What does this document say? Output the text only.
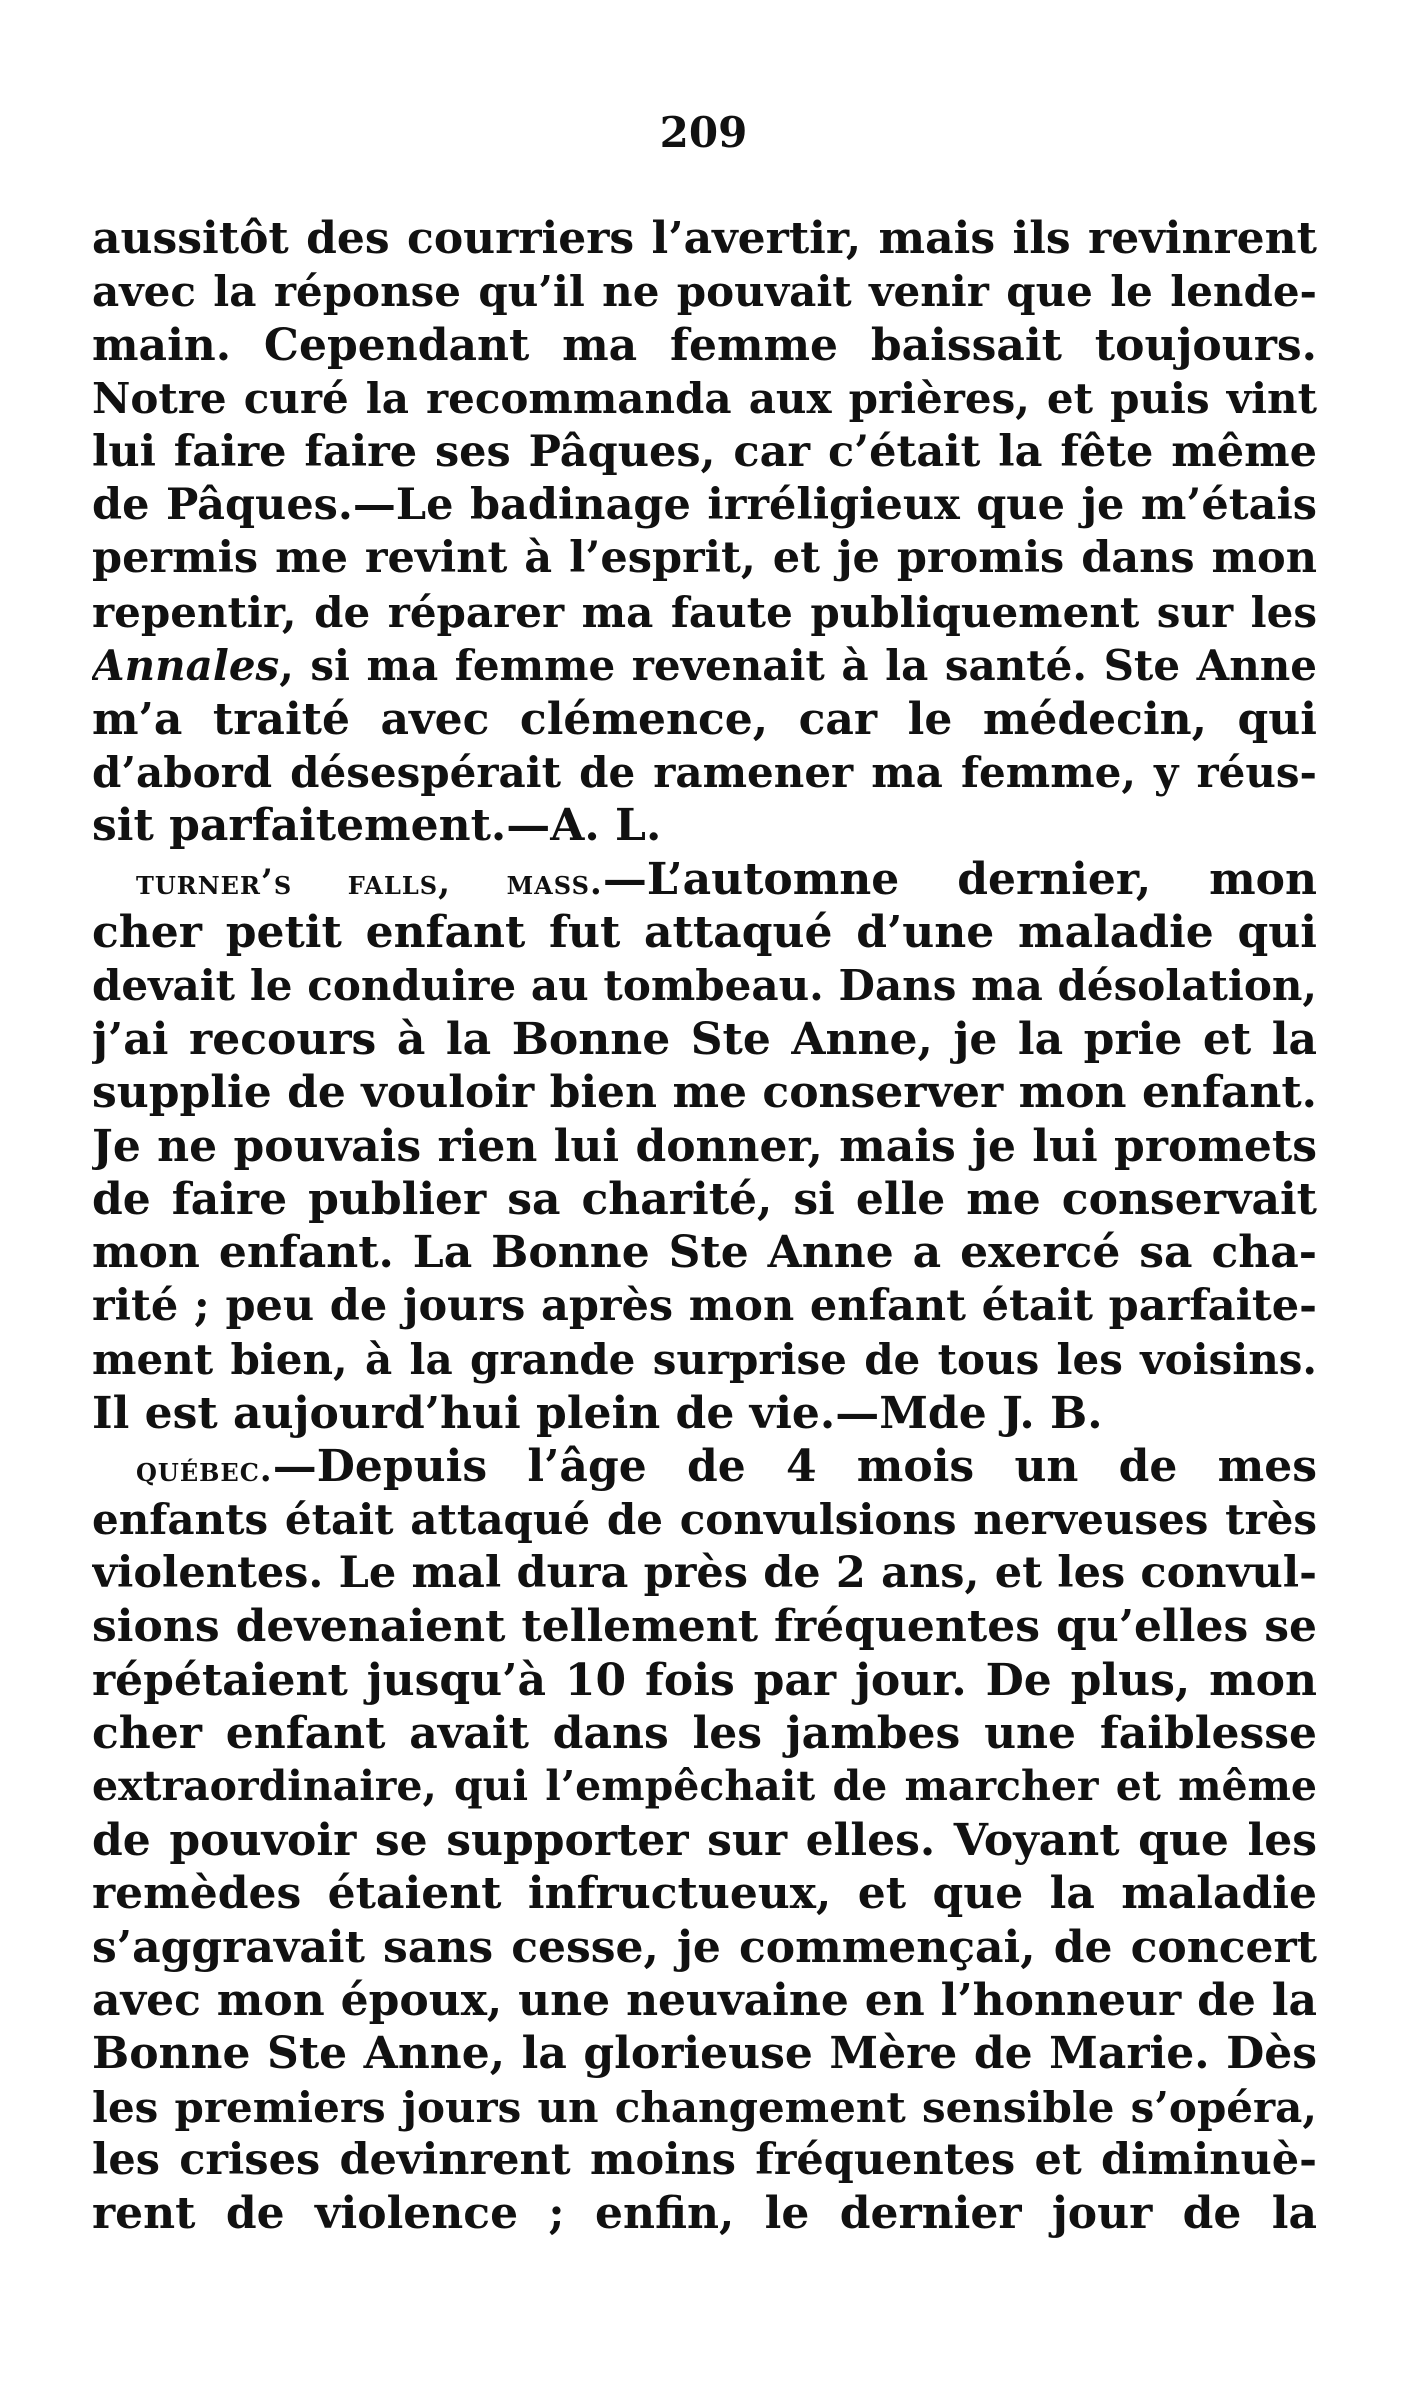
209
aussitôt des courriers l’avertir, mais ils revinrent
avec la réponse qu’il ne pouvait venir que le lende-
main. Cependant ma femme baissait toujours.
Notre curé la recommanda aux prières, et puis vint
lui faire faire ses Pâques, car c’était la fête même
de Pâques.—Le badinage irréligieux que je m’étais
permis me revint à l’esprit, et je promis dans mon
repentir, de réparer ma faute publiquement sur les
Annales, si ma femme revenait à la santé. Ste Anne
m’a traité avec clémence, car le médecin, qui
d’abord désespérait de ramener ma femme, y réus-
sit parfaitement.—A. L.
turner’s falls, mass.—L’automne dernier, mon
cher petit enfant fut attaqué d’une maladie qui
devait le conduire au tombeau. Dans ma désolation,
j’ai recours à la Bonne Ste Anne, je la prie et la
supplie de vouloir bien me conserver mon enfant.
Je ne pouvais rien lui donner, mais je lui promets
de faire publier sa charité, si elle me conservait
mon enfant. La Bonne Ste Anne a exercé sa cha-
rité ; peu de jours après mon enfant était parfaite-
ment bien, à la grande surprise de tous les voisins.
Il est aujourd’hui plein de vie.—Mde J. B.
québec.—Depuis l’âge de 4 mois un de mes
enfants était attaqué de convulsions nerveuses très
violentes. Le mal dura près de 2 ans, et les convul-
sions devenaient tellement fréquentes qu’elles se
répétaient jusqu’à 10 fois par jour. De plus, mon
cher enfant avait dans les jambes une faiblesse
extraordinaire, qui l’empêchait de marcher et même
de pouvoir se supporter sur elles. Voyant que les
remèdes étaient infructueux, et que la maladie
s’aggravait sans cesse, je commençai, de concert
avec mon époux, une neuvaine en l’honneur de la
Bonne Ste Anne, la glorieuse Mère de Marie. Dès
les premiers jours un changement sensible s’opéra,
les crises devinrent moins fréquentes et diminuè-
rent de violence ; enfin, le dernier jour de la
